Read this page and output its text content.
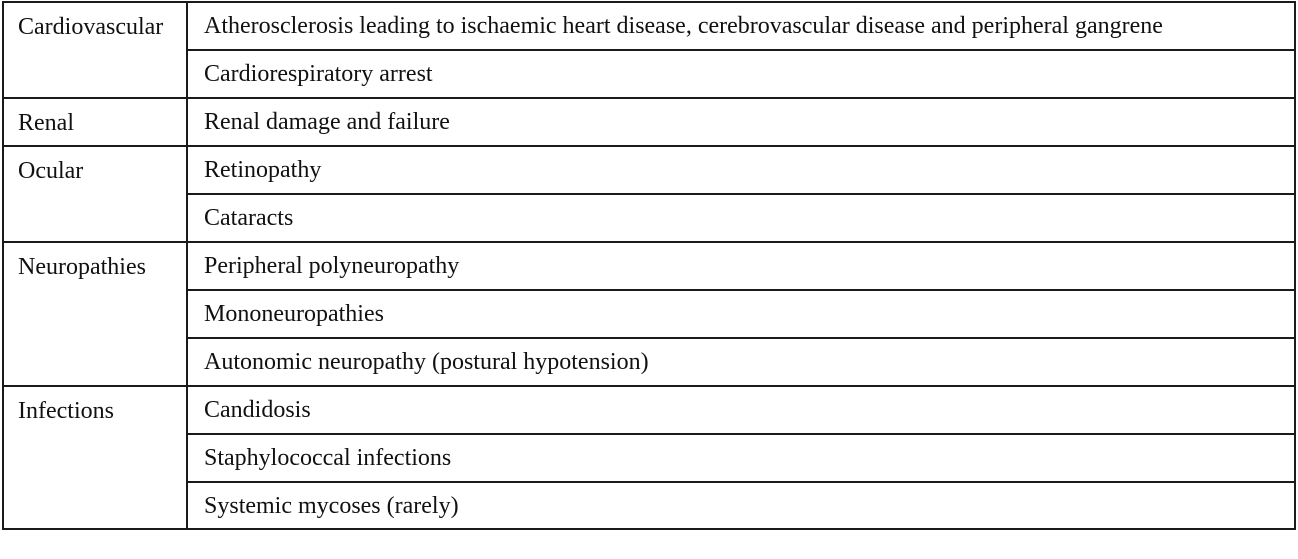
Cardiovascular	Atherosclerosis leading to ischaemic heart disease, cerebrovascular disease and peripheral gangrene
	Cardiorespiratory arrest
Renal	Renal damage and failure
Ocular	Retinopathy
	Cataracts
Neuropathies	Peripheral polyneuropathy
	Mononeuropathies
	Autonomic neuropathy (postural hypotension)
Infections	Candidosis
	Staphylococcal infections
	Systemic mycoses (rarely)
